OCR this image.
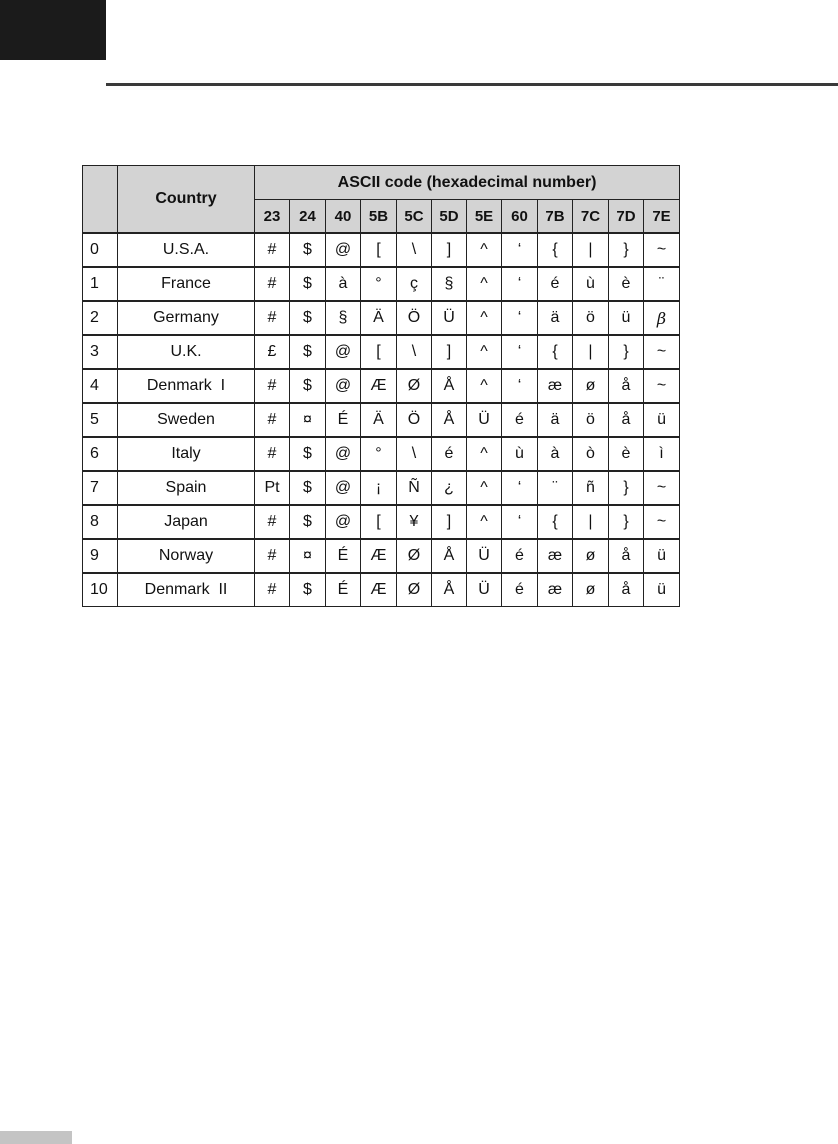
	Country	ASCII code (hexadecimal number)											
		23	24	40	5B	5C	5D	5E	60	7B	7C	7D	7E
0	U.S.A.	#	$	@	[	\	]	^	‘	{	|	}	~
1	France	#	$	à	°	ç	§	^	‘	é	ù	è	¨
2	Germany	#	$	§	Ä	Ö	Ü	^	‘	ä	ö	ü	β
3	U.K.	£	$	@	[	\	]	^	‘	{	|	}	~
4	Denmark  I	#	$	@	Æ	Ø	Å	^	‘	æ	ø	å	~
5	Sweden	#	¤	É	Ä	Ö	Å	Ü	é	ä	ö	å	ü
6	Italy	#	$	@	°	\	é	^	ù	à	ò	è	ì
7	Spain	Pt	$	@	¡	Ñ	¿	^	‘	¨	ñ	}	~
8	Japan	#	$	@	[	¥	]	^	‘	{	|	}	~
9	Norway	#	¤	É	Æ	Ø	Å	Ü	é	æ	ø	å	ü
10	Denmark  II	#	$	É	Æ	Ø	Å	Ü	é	æ	ø	å	ü
